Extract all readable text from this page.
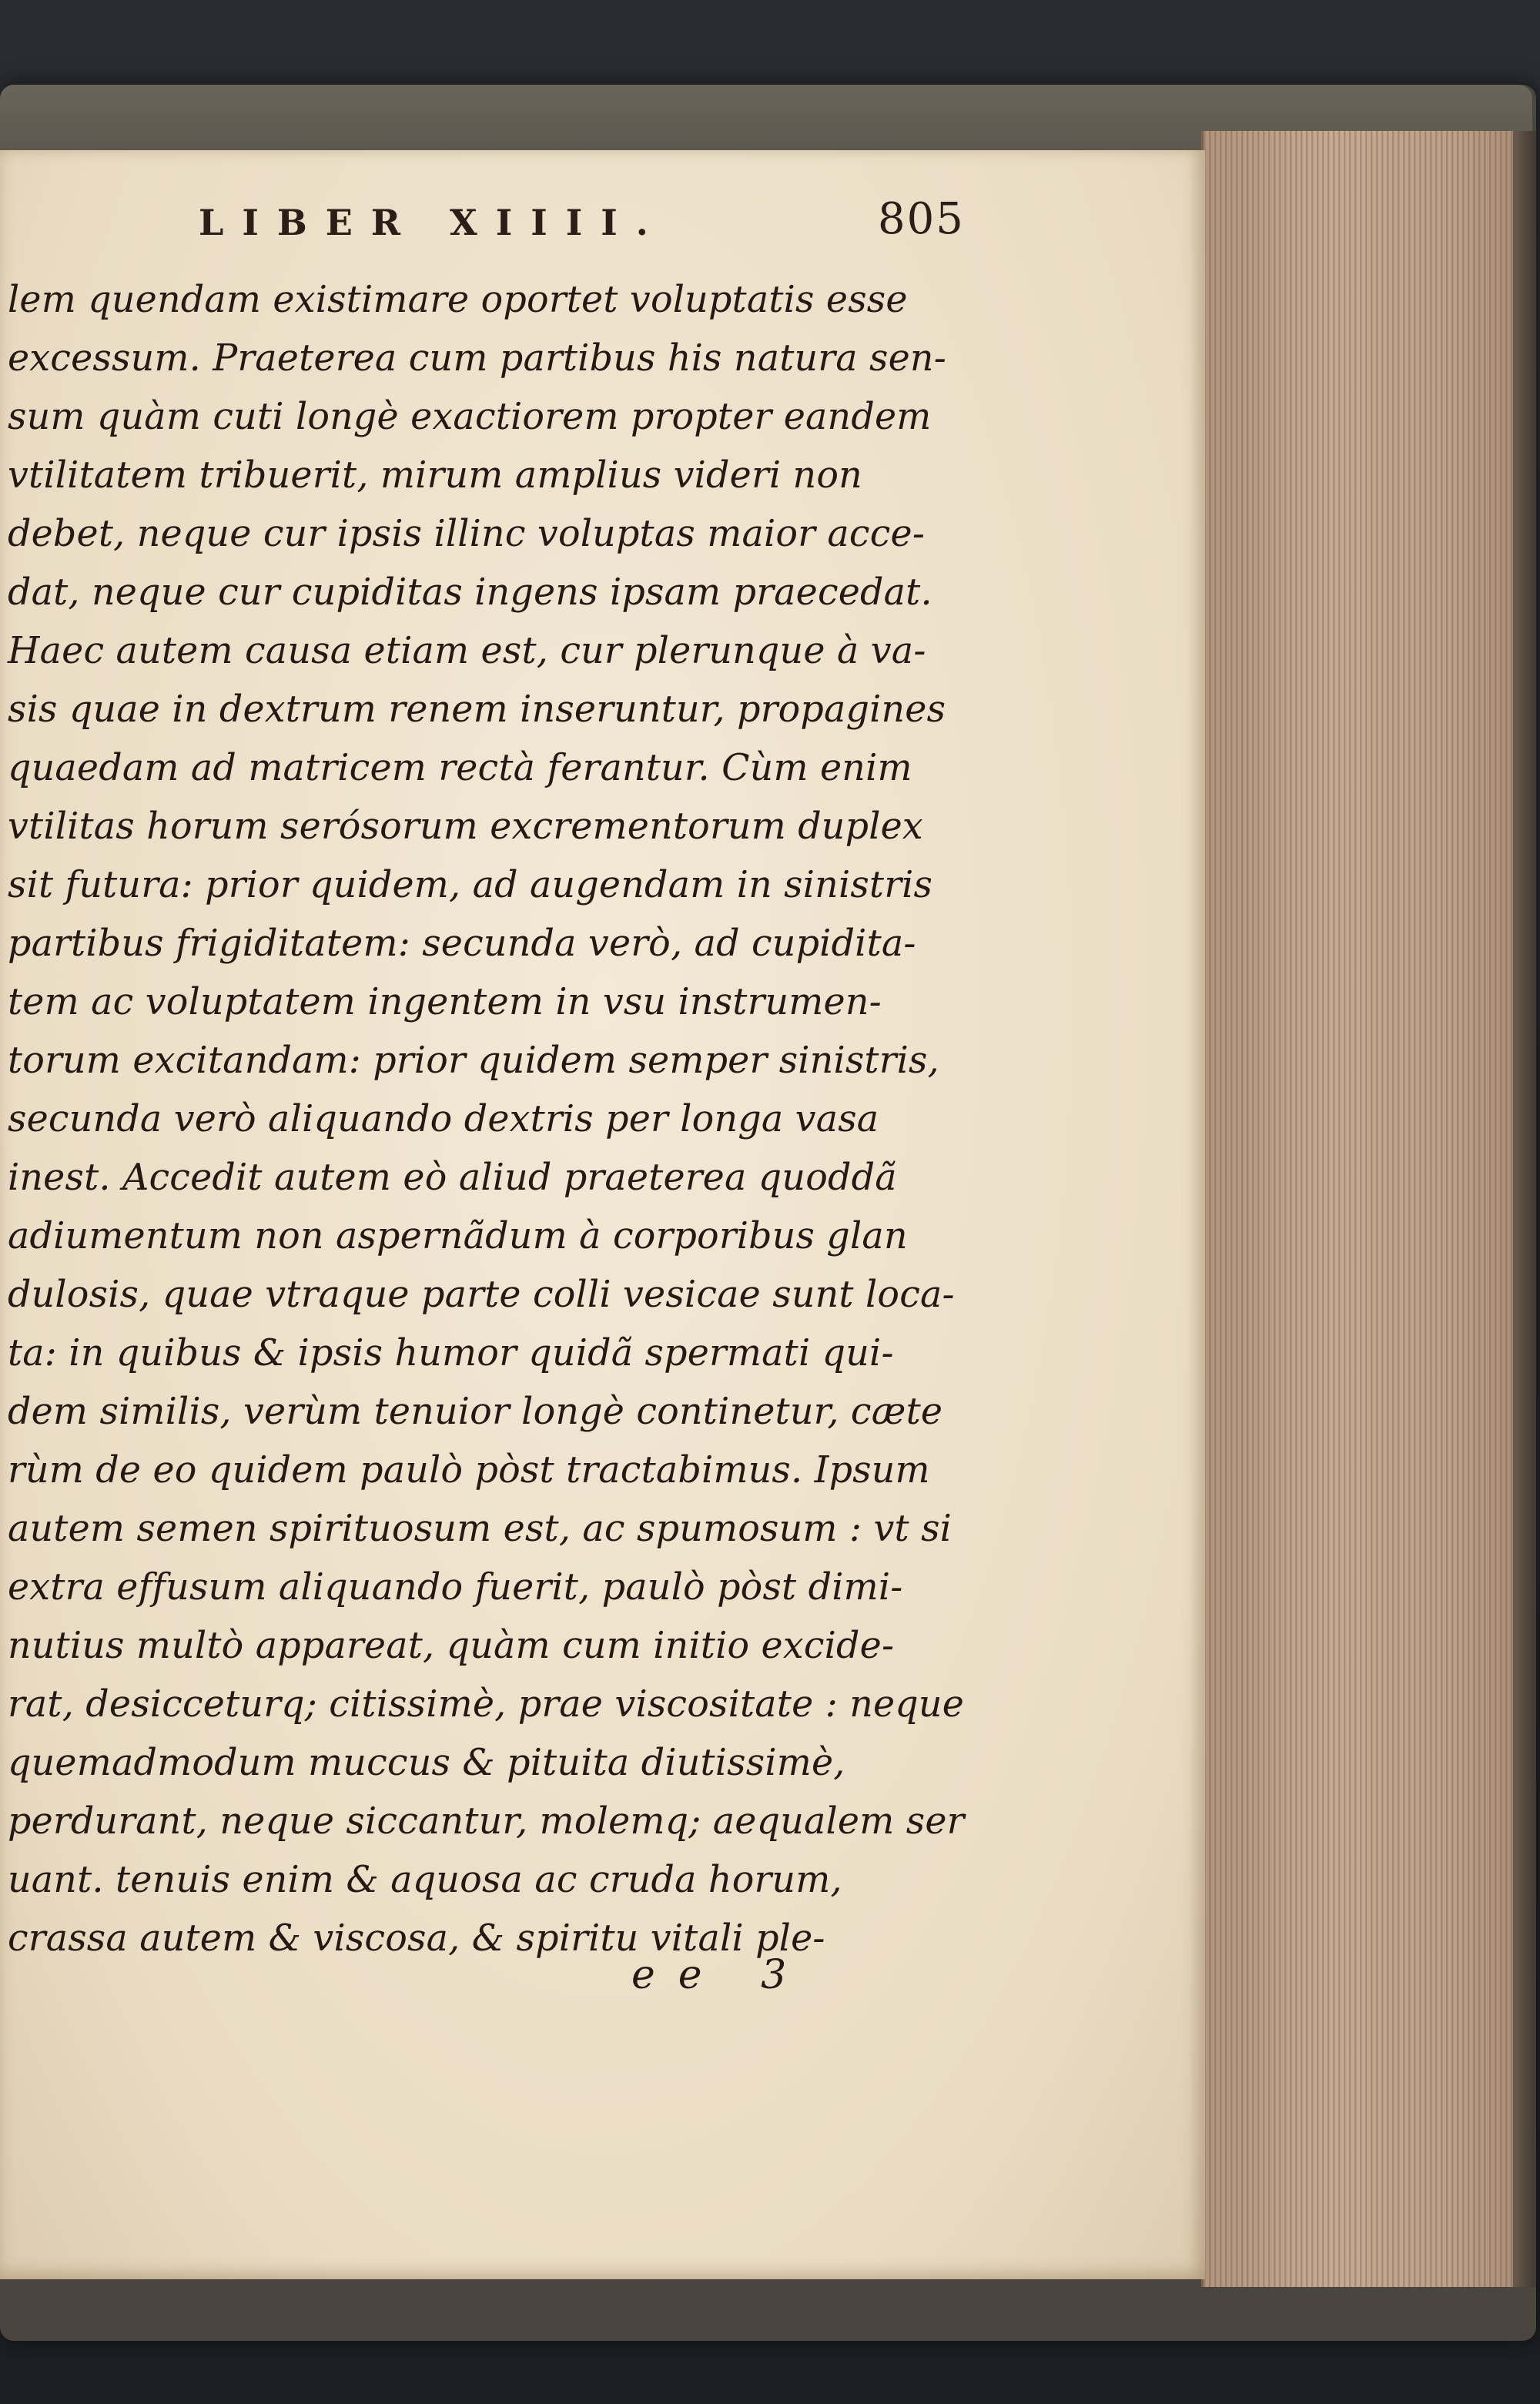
LIBER XIIII.	805
lem quendam existimare oportet voluptatis esse
excessum. Praeterea cum partibus his natura sen-
sum quàm cuti longè exactiorem propter eandem
vtilitatem tribuerit, mirum amplius videri non
debet, neque cur ipsis illinc voluptas maior acce-
dat, neque cur cupiditas ingens ipsam praecedat.
Haec autem causa etiam est, cur plerunque à va-
sis quae in dextrum renem inseruntur, propagines
quaedam ad matricem rectà ferantur. Cùm enim
vtilitas horum serósorum excrementorum duplex
sit futura: prior quidem, ad augendam in sinistris
partibus frigiditatem: secunda verò, ad cupidita-
tem ac voluptatem ingentem in vsu instrumen-
torum excitandam: prior quidem semper sinistris,
secunda verò aliquando dextris per longa vasa
inest. Accedit autem eò aliud praeterea quoddã
adiumentum non aspernãdum à corporibus glan
dulosis, quae vtraque parte colli vesicae sunt loca-
ta: in quibus & ipsis humor quidã spermati qui-
dem similis, verùm tenuior longè continetur, cæte
rùm de eo quidem paulò pòst tractabimus. Ipsum
autem semen spirituosum est, ac spumosum : vt si
extra effusum aliquando fuerit, paulò pòst dimi-
nutius multò appareat, quàm cum initio excide-
rat, desicceturq; citissimè, prae viscositate : neque
quemadmodum muccus & pituita diutissimè,
perdurant, neque siccantur, molemq; aequalem ser
uant. tenuis enim & aquosa ac cruda horum,
crassa autem & viscosa, & spiritu vitali ple-
ee 3
